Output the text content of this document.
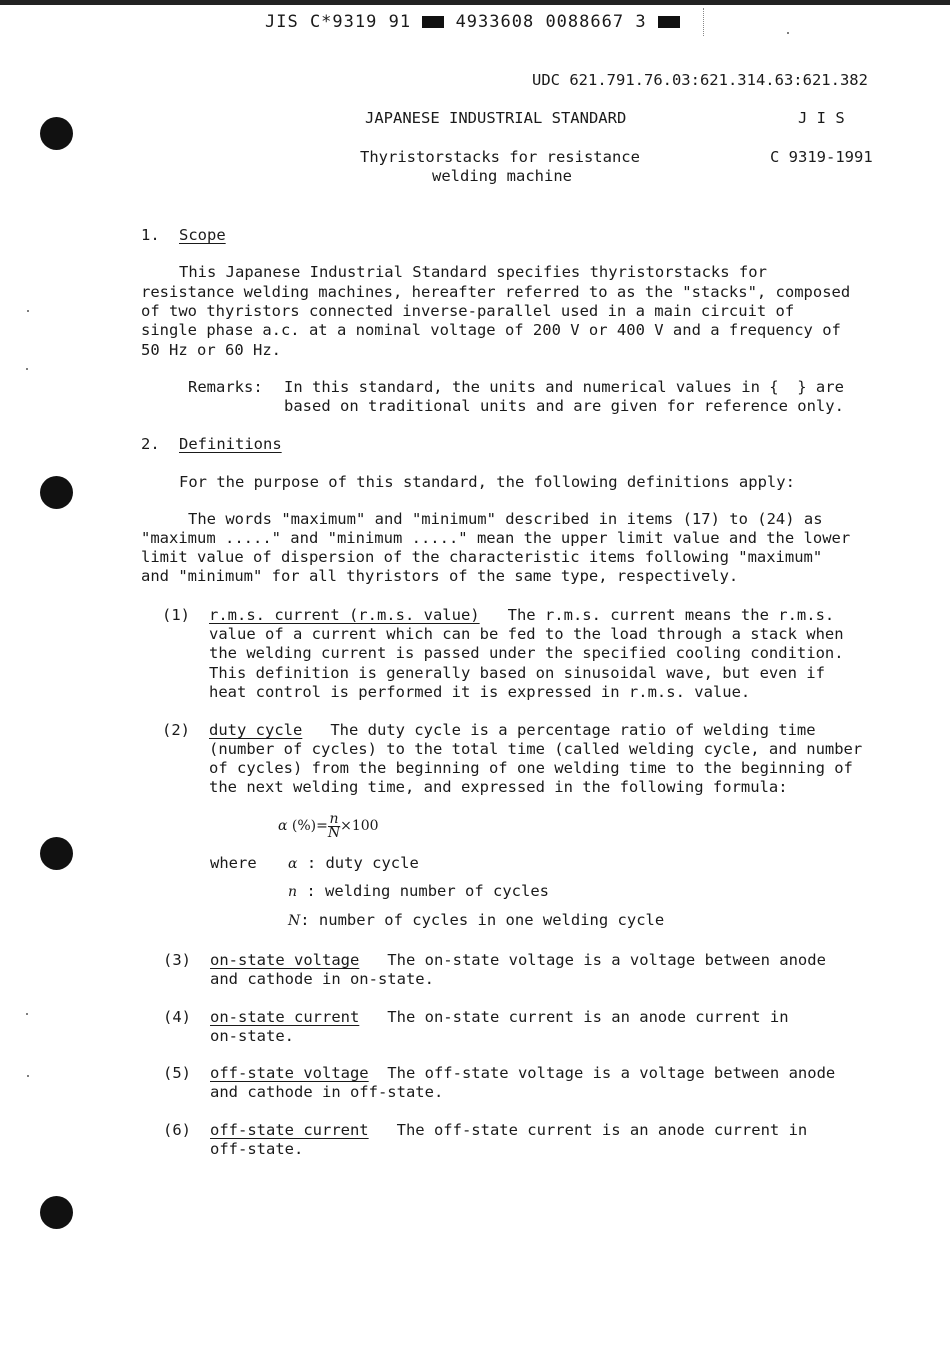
JIS C*9319 91	4933608 0088667 3
UDC 621.791.76.03:621.314.63:621.382
JAPANESE INDUSTRIAL STANDARD	J I S
Thyristorstacks for resistance
welding machine
C 9319-1991
1. Scope
This Japanese Industrial Standard specifies thyristorstacks for
resistance welding machines, hereafter referred to as the "stacks", composed
of two thyristors connected inverse-parallel used in a main circuit of
single phase a.c. at a nominal voltage of 200 V or 400 V and a frequency of
50 Hz or 60 Hz.
Remarks: In this standard, the units and numerical values in {  } are
based on traditional units and are given for reference only.
2. Definitions
For the purpose of this standard, the following definitions apply:
The words "maximum" and "minimum" described in items (17) to (24) as
"maximum ....." and "minimum ....." mean the upper limit value and the lower
limit value of dispersion of the characteristic items following "maximum"
and "minimum" for all thyristors of the same type, respectively.
(1) r.m.s. current (r.m.s. value)   The r.m.s. current means the r.m.s.
value of a current which can be fed to the load through a stack when
the welding current is passed under the specified cooling condition.
This definition is generally based on sinusoidal wave, but even if
heat control is performed it is expressed in r.m.s. value.
(2) duty cycle   The duty cycle is a percentage ratio of welding time
(number of cycles) to the total time (called welding cycle, and number
of cycles) from the beginning of one welding time to the beginning of
the next welding time, and expressed in the following formula:
α (%)= $\frac{n}{N} \times 100$
where α : duty cycle
n : welding number of cycles
N: number of cycles in one welding cycle
(3) on-state voltage   The on-state voltage is a voltage between anode
and cathode in on-state.
(4) on-state current   The on-state current is an anode current in
on-state.
(5) off-state voltage  The off-state voltage is a voltage between anode
and cathode in off-state.
(6) off-state current   The off-state current is an anode current in
off-state.
